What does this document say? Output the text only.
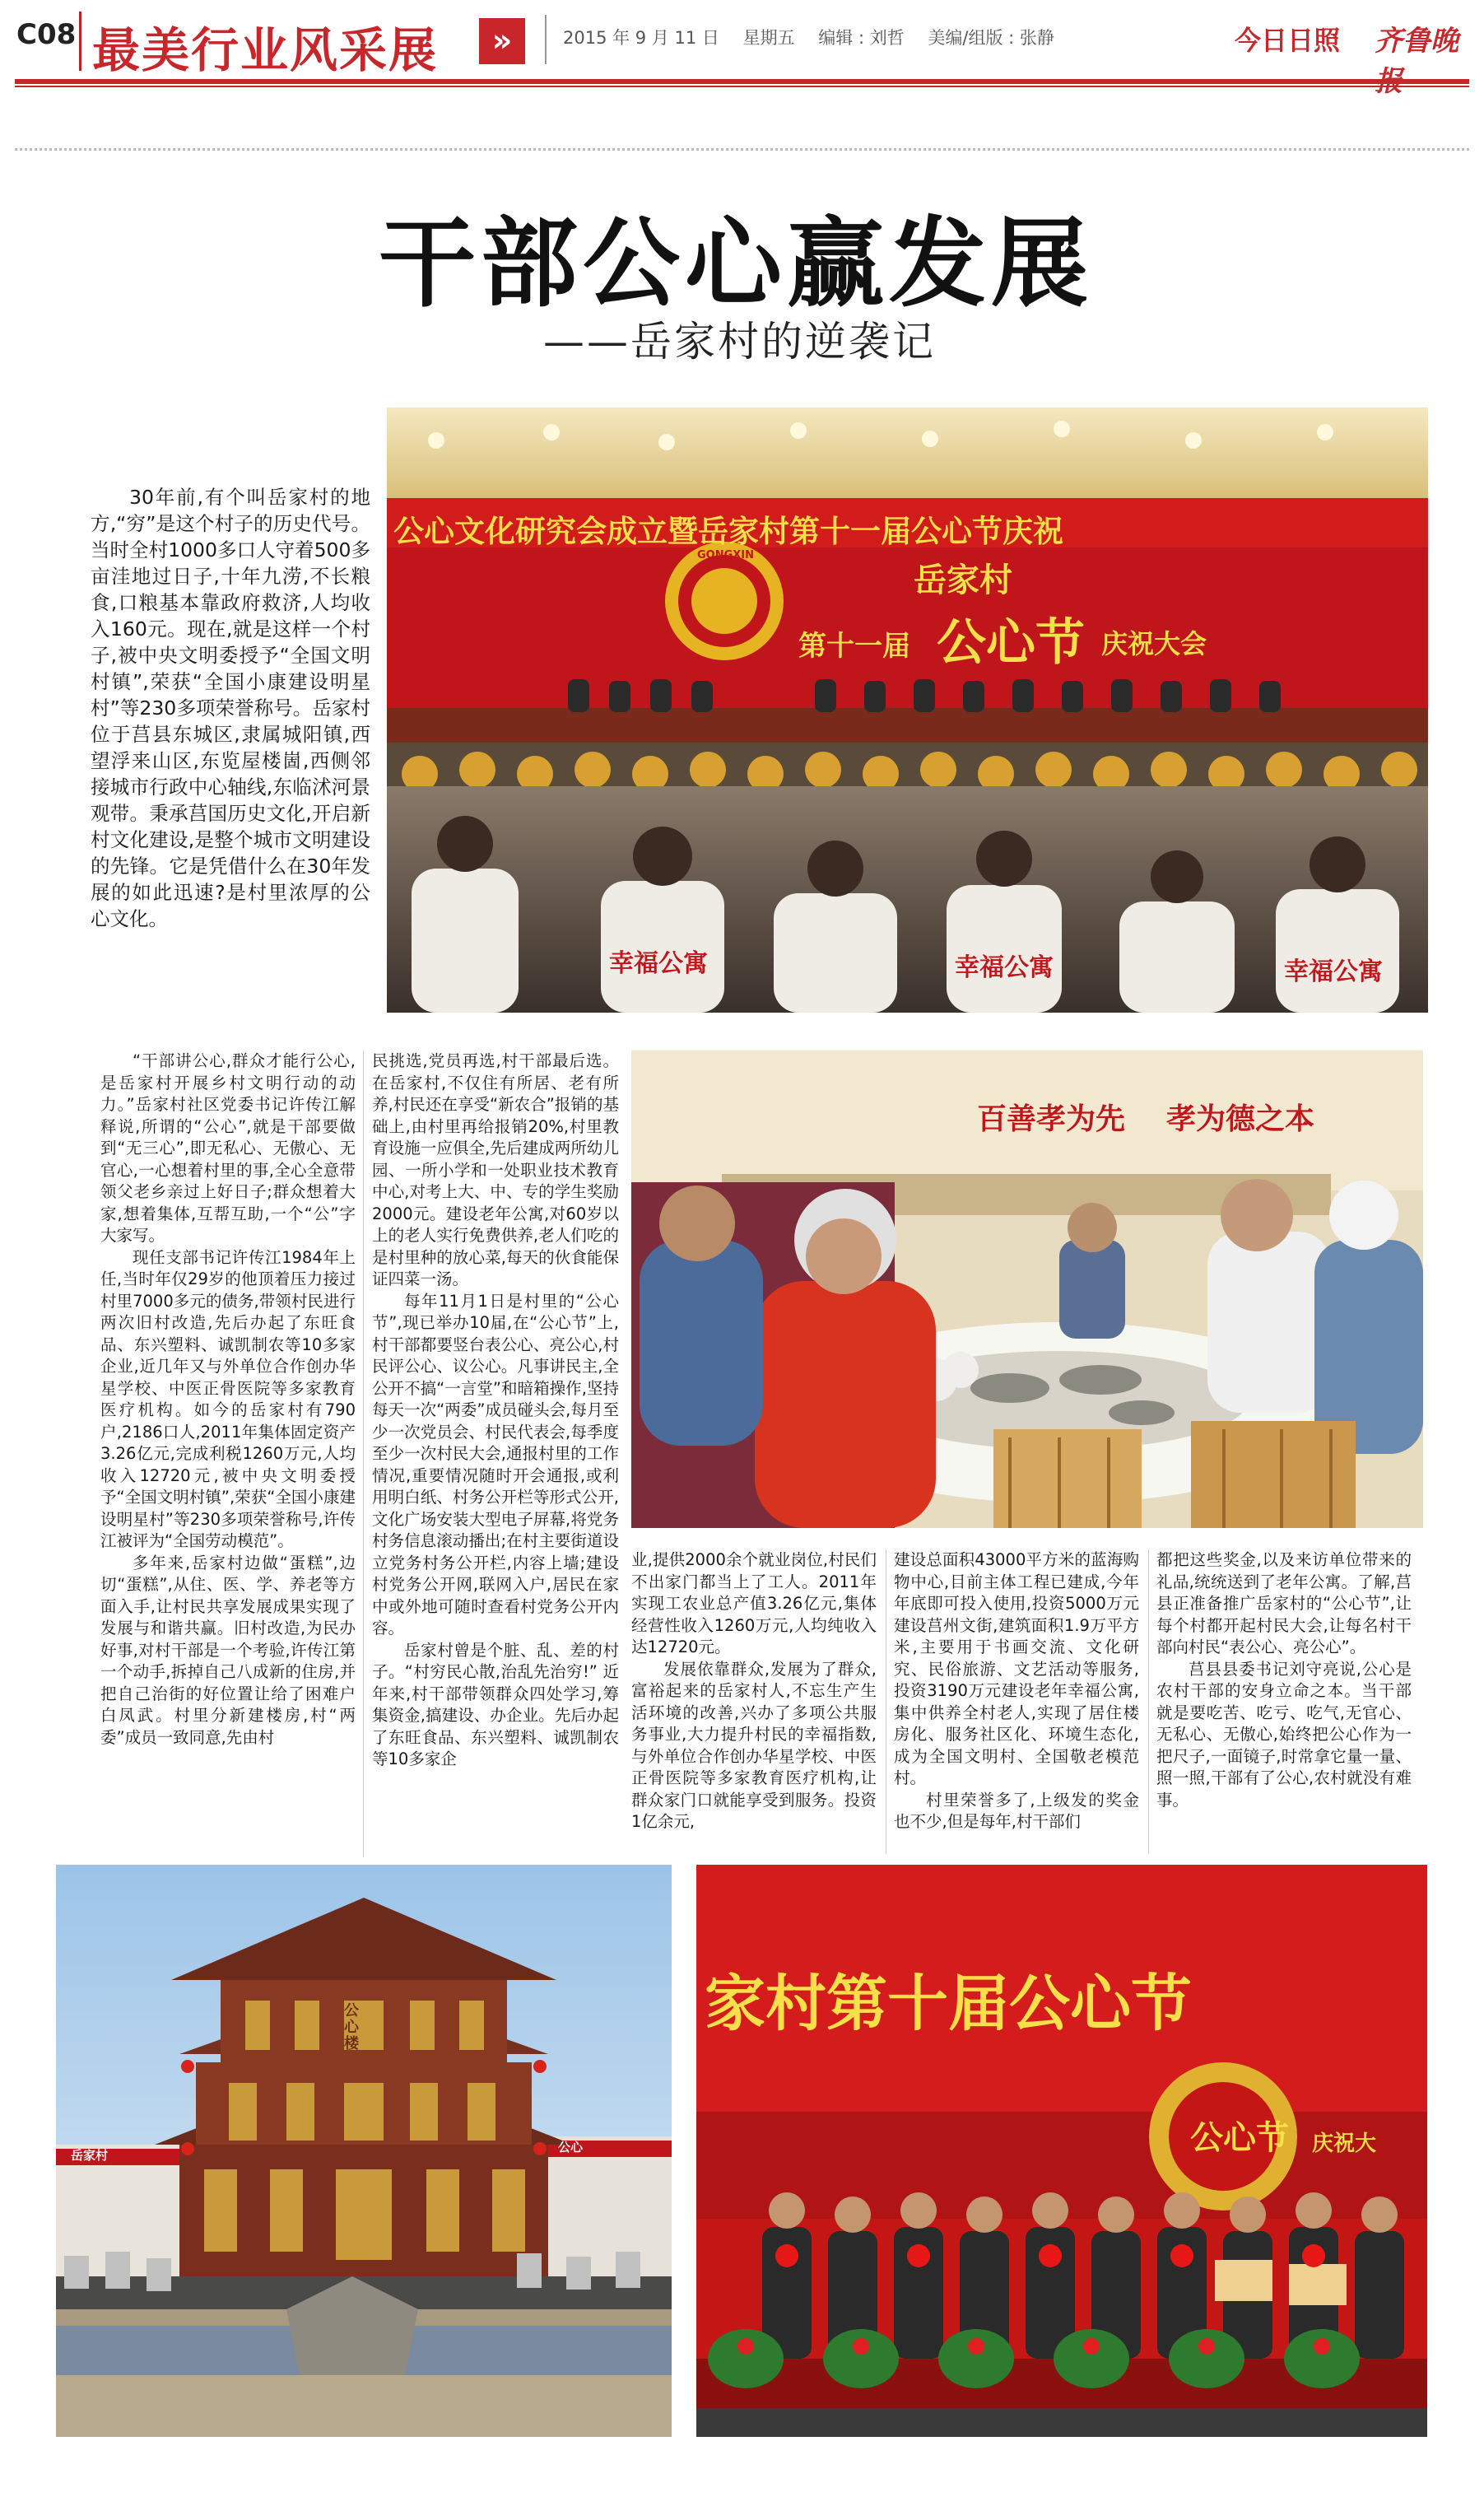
C08 最美行业风采展	»	2015 年 9 月 11 日 星期五 编辑 : 刘哲 美编/组版 : 张静	今日日照 齐鲁晚
干部公心赢发展
——岳家村的逆袭记
30年前,有个叫岳家村的地方,“穷”是这个村子的历史代号。当时全村1000多口人守着500多亩洼地过日子,十年九涝,不长粮食,口粮基本靠政府救济,人均收入160元。现在,就是这样一个村子,被中央文明委授予“全国文明村镇”,荣获“全国小康建设明星村”等230多项荣誉称号。岳家村位于莒县东城区,隶属城阳镇,西望浮来山区,东览屋楼崮,西侧邻接城市行政中心轴线,东临沭河景观带。秉承莒国历史文化,开启新村文化建设,是整个城市文明建设的先锋。它是凭借什么在30年发展的如此迅速?是村里浓厚的公心文化。
公心文化研究会成立暨岳家村第十一届公心节庆祝
岳家村
第十一届 公心节 庆祝大会
GONGXIN
幸福公寓	幸福公寓	幸福公寓

“干部讲公心,群众才能行公心,是岳家村开展乡村文明行动的动力。”岳家村社区党委书记许传江解释说,所谓的“公心”,就是干部要做到“无三心”,即无私心、无傲心、无官心,一心想着村里的事,全心全意带领父老乡亲过上好日子;群众想着大家,想着集体,互帮互助,一个“公”字大家写。

现任支部书记许传江1984年上任,当时年仅29岁的他顶着压力接过村里7000多元的债务,带领村民进行两次旧村改造,先后办起了东旺食品、东兴塑料、诚凯制农等10多家企业,近几年又与外单位合作创办华星学校、中医正骨医院等多家教育医疗机构。如今的岳家村有790户,2186口人,2011年集体固定资产3.26亿元,完成利税1260万元,人均收入12720元,被中央文明委授予“全国文明村镇”,荣获“全国小康建设明星村”等230多项荣誉称号,许传江被评为“全国劳动模范”。

多年来,岳家村边做“蛋糕”,边切“蛋糕”,从住、医、学、养老等方面入手,让村民共享发展成果实现了发展与和谐共赢。旧村改造,为民办好事,对村干部是一个考验,许传江第一个动手,拆掉自己八成新的住房,并把自己治街的好位置让给了困难户白凤武。村里分新建楼房,村“两委”成员一致同意,先由村

民挑选,党员再选,村干部最后选。在岳家村,不仅住有所居、老有所养,村民还在享受“新农合”报销的基础上,由村里再给报销20%,村里教育设施一应俱全,先后建成两所幼儿园、一所小学和一处职业技术教育中心,对考上大、中、专的学生奖励2000元。建设老年公寓,对60岁以上的老人实行免费供养,老人们吃的是村里种的放心菜,每天的伙食能保证四菜一汤。

每年11月1日是村里的“公心节”,现已举办10届,在“公心节”上,村干部都要竖台表公心、亮公心,村民评公心、议公心。凡事讲民主,全公开不搞“一言堂”和暗箱操作,坚持每天一次“两委”成员碰头会,每月至少一次党员会、村民代表会,每季度至少一次村民大会,通报村里的工作情况,重要情况随时开会通报,或利用明白纸、村务公开栏等形式公开,文化广场安装大型电子屏幕,将党务村务信息滚动播出;在村主要街道设立党务村务公开栏,内容上墙;建设村党务公开网,联网入户,居民在家中或外地可随时查看村党务公开内容。

岳家村曾是个脏、乱、差的村子。“村穷民心散,治乱先治穷!” 近年来,村干部带领群众四处学习,筹集资金,搞建设、办企业。先后办起了东旺食品、东兴塑料、诚凯制农等10多家企

百善孝为先 孝为德之本

业,提供2000余个就业岗位,村民们不出家门都当上了工人。2011年实现工农业总产值3.26亿元,集体经营性收入1260万元,人均纯收入达12720元。

发展依靠群众,发展为了群众,富裕起来的岳家村人,不忘生产生活环境的改善,兴办了多项公共服务事业,大力提升村民的幸福指数,与外单位合作创办华星学校、中医正骨医院等多家教育医疗机构,让群众家门口就能享受到服务。投资1亿余元,

建设总面积43000平方米的蓝海购物中心,目前主体工程已建成,今年年底即可投入使用,投资5000万元建设莒州文街,建筑面积1.9万平方米,主要用于书画交流、文化研究、民俗旅游、文艺活动等服务,投资3190万元建设老年幸福公寓,集中供养全村老人,实现了居住楼房化、服务社区化、环境生态化,成为全国文明村、全国敬老模范村。

村里荣誉多了,上级发的奖金也不少,但是每年,村干部们

都把这些奖金,以及来访单位带来的礼品,统统送到了老年公寓。了解,莒县正准备推广岳家村的“公心节”,让每个村都开起村民大会,让每名村干部向村民“表公心、亮公心”。

莒县县委书记刘守亮说,公心是农村干部的安身立命之本。当干部就是要吃苦、吃亏、吃气,无官心、无私心、无傲心,始终把公心作为一把尺子,一面镜子,时常拿它量一量、照一照,干部有了公心,农村就没有难事。

岳家村
公心
公心楼
家村第十届公心节
公心节 庆祝大
